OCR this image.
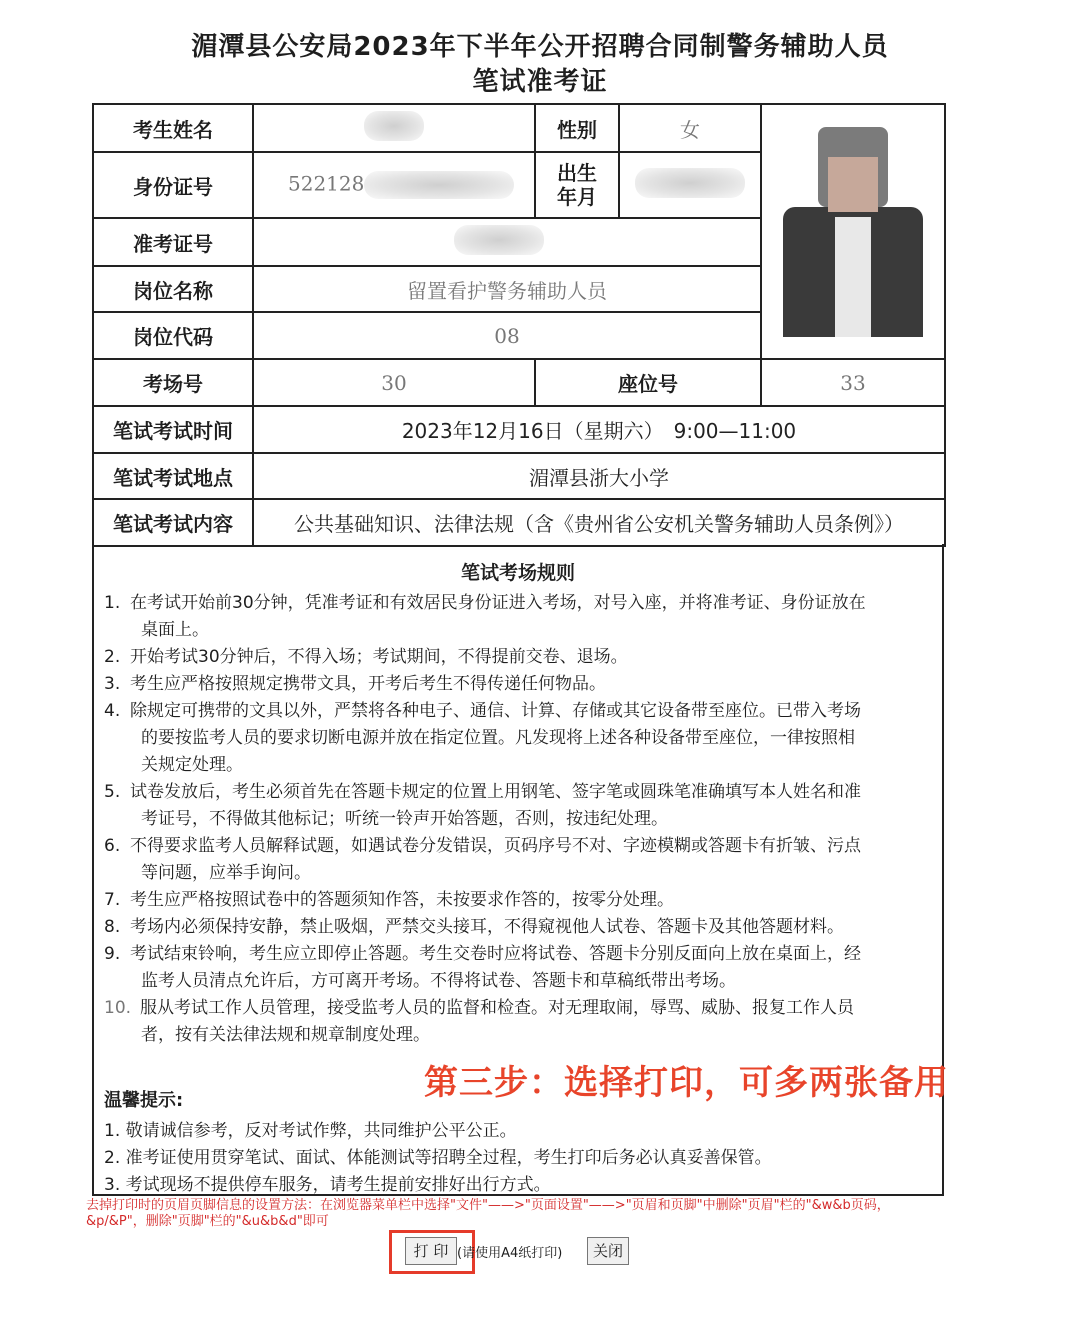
湄潭县公安局2023年下半年公开招聘合同制警务辅助人员
笔试准考证
考生姓名		性别	女	

身份证号	522128	出生
年月		
准考证号				
岗位名称	留置看护警务辅助人员			
岗位代码	08			
考场号	30	座位号		33
笔试考试时间	2023年12月16日（星期六）　9:00—11:00			
笔试考试地点	湄潭县浙大小学			
笔试考试内容	公共基础知识、法律法规（含《贵州省公安机关警务辅助人员条例》）			
笔试考场规则
1. 在考试开始前30分钟，凭准考证和有效居民身份证进入考场，对号入座，并将准考证、身份证放在
桌面上。
2. 开始考试30分钟后，不得入场；考试期间，不得提前交卷、退场。
3. 考生应严格按照规定携带文具，开考后考生不得传递任何物品。
4. 除规定可携带的文具以外，严禁将各种电子、通信、计算、存储或其它设备带至座位。已带入考场
的要按监考人员的要求切断电源并放在指定位置。凡发现将上述各种设备带至座位，一律按照相
关规定处理。
5. 试卷发放后，考生必须首先在答题卡规定的位置上用钢笔、签字笔或圆珠笔准确填写本人姓名和准
考证号，不得做其他标记；听统一铃声开始答题，否则，按违纪处理。
6. 不得要求监考人员解释试题，如遇试卷分发错误，页码序号不对、字迹模糊或答题卡有折皱、污点
等问题，应举手询问。
7. 考生应严格按照试卷中的答题须知作答，未按要求作答的，按零分处理。
8. 考场内必须保持安静，禁止吸烟，严禁交头接耳，不得窥视他人试卷、答题卡及其他答题材料。
9. 考试结束铃响，考生应立即停止答题。考生交卷时应将试卷、答题卡分别反面向上放在桌面上，经
监考人员清点允许后，方可离开考场。不得将试卷、答题卡和草稿纸带出考场。
10. 服从考试工作人员管理，接受监考人员的监督和检查。对无理取闹，辱骂、威胁、报复工作人员
者，按有关法律法规和规章制度处理。
温馨提示:
1. 敬请诚信参考，反对考试作弊，共同维护公平公正。
2. 准考证使用贯穿笔试、面试、体能测试等招聘全过程，考生打印后务必认真妥善保管。
3. 考试现场不提供停车服务，请考生提前安排好出行方式。
第三步：选择打印，可多两张备用
去掉打印时的页眉页脚信息的设置方法：在浏览器菜单栏中选择"文件"——>"页面设置"——>"页眉和页脚"中删除"页眉"栏的"&w&b页码，&p/&P"，删除"页脚"栏的"&u&b&d"即可
打 印 (请使用A4纸打印)	关闭
